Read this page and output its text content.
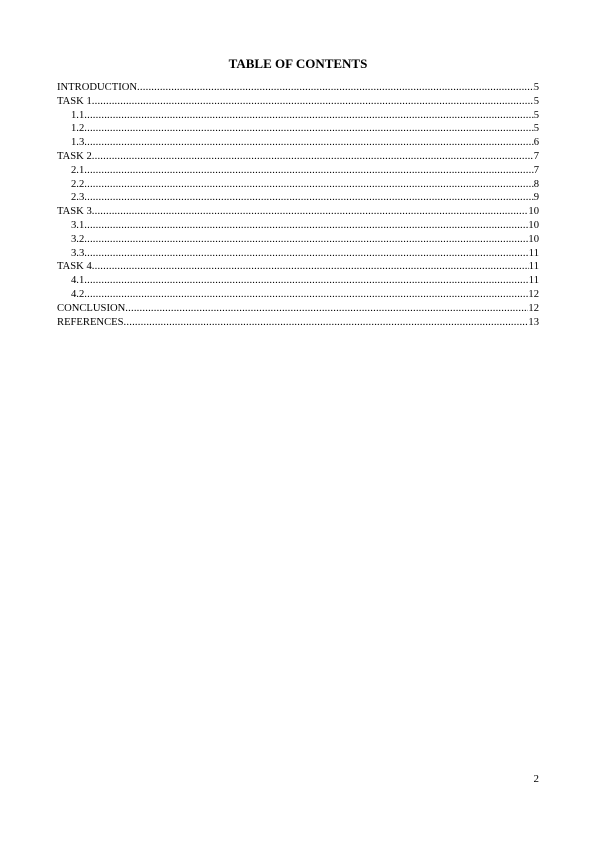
TABLE OF CONTENTS
INTRODUCTION .....	5
TASK 1 .....	5
1.1 .....	5
1.2 .....	5
1.3 .....	6
TASK 2 .....	7
2.1 .....	7
2.2 .....	8
2.3 .....	9
TASK 3 .....	10
3.1 .....	10
3.2 .....	10
3.3 .....	11
TASK 4 .....	11
4.1 .....	11
4.2 .....	12
CONCLUSION .....	12
REFERENCES .....	13
2
